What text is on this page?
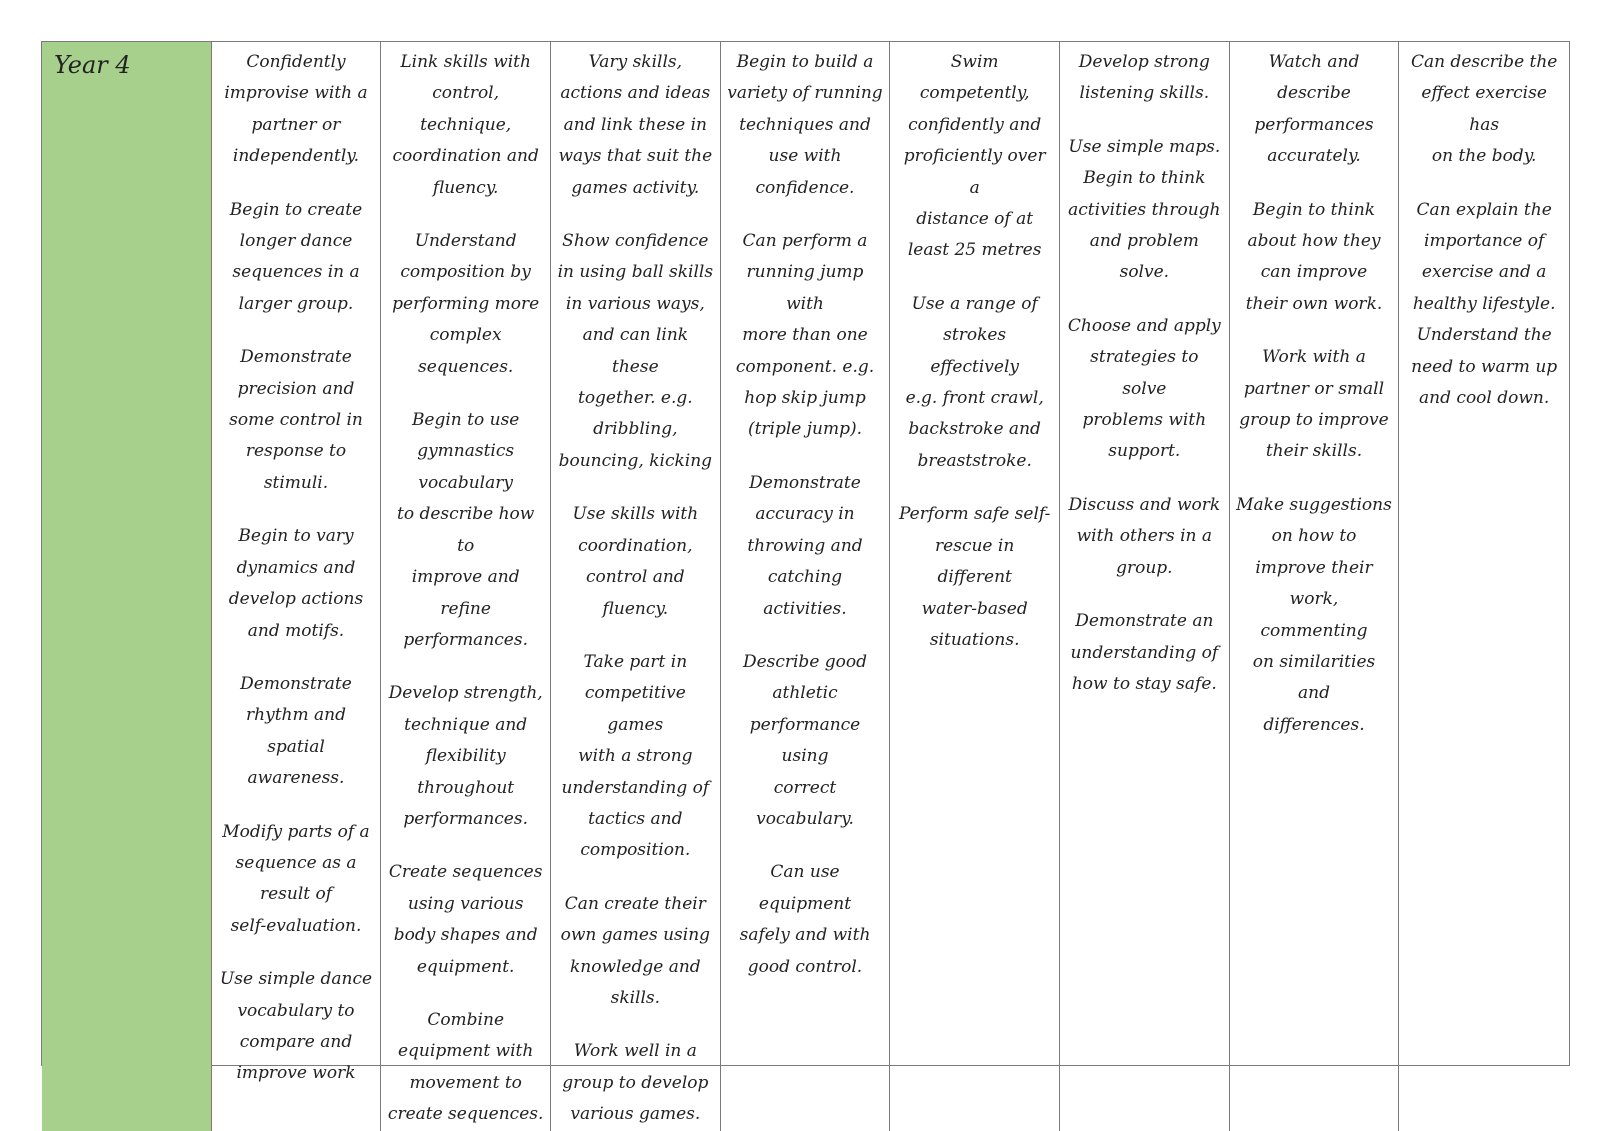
Year 4	Confidently
improvise with a
partner or
independently.

Begin to create
longer dance
sequences in a
larger group.

Demonstrate
precision and
some control in
response to
stimuli.

Begin to vary
dynamics and
develop actions
and motifs.

Demonstrate
rhythm and
spatial awareness.

Modify parts of a
sequence as a
result of
self-evaluation.

Use simple dance
vocabulary to
compare and
improve work

Link skills with
control, technique,
coordination and
fluency.

Understand
composition by
performing more
complex
sequences.

Begin to use
gymnastics
vocabulary
to describe how to
improve and
refine
performances.

Develop strength,
technique and
flexibility
throughout
performances.

Create sequences
using various
body shapes and
equipment.

Combine
equipment with
movement to
create sequences.

Vary skills,
actions and ideas
and link these in
ways that suit the
games activity.

Show confidence
in using ball skills
in various ways,
and can link these
together. e.g.
dribbling,
bouncing, kicking

Use skills with
coordination,
control and
fluency.

Take part in
competitive games
with a strong
understanding of
tactics and
composition.

Can create their
own games using
knowledge and
skills.

Work well in a
group to develop
various games.

Begin to build a
variety of running
techniques and
use with
confidence.

Can perform a
running jump with
more than one
component. e.g.
hop skip jump
(triple jump).

Demonstrate
accuracy in
throwing and
catching activities.

Describe good
athletic
performance using
correct
vocabulary.

Can use
equipment
safely and with
good control.

Swim
competently,
confidently and
proficiently over a
distance of at
least 25 metres

Use a range of
strokes effectively
e.g. front crawl,
backstroke and
breaststroke.

Perform safe self-
rescue in different
water-based
situations.

Develop strong
listening skills.

Use simple maps.
Begin to think
activities through
and problem
solve.

Choose and apply
strategies to solve
problems with
support.

Discuss and work
with others in a
group.

Demonstrate an
understanding of
how to stay safe.

Watch and
describe
performances
accurately.

Begin to think
about how they
can improve
their own work.

Work with a
partner or small
group to improve
their skills.

Make suggestions
on how to
improve their
work, commenting
on similarities and
differences.

Can describe the
effect exercise has
on the body.

Can explain the
importance of
exercise and a
healthy lifestyle.
Understand the
need to warm up
and cool down.
